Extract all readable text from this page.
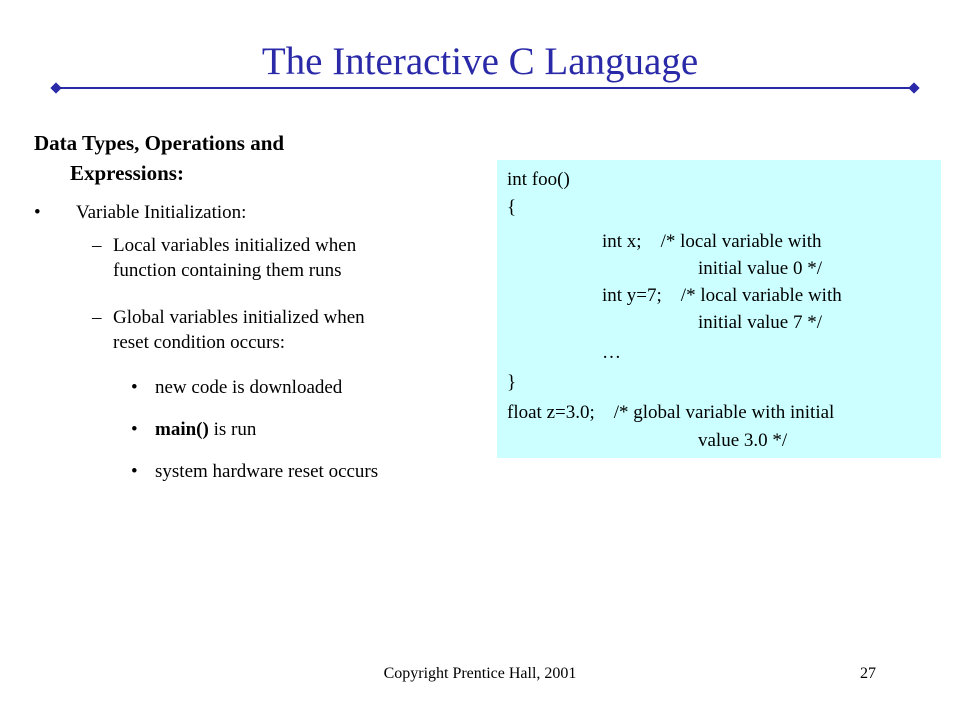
The Interactive C Language
Data Types, Operations and
Expressions:
• Variable Initialization:
– Local variables initialized when
function containing them runs
– Global variables initialized when
reset condition occurs:
• new code is downloaded
• main() is run
• system hardware reset occurs
int foo()
{
int x;    /* local variable with
initial value 0 */
int y=7;    /* local variable with
initial value 7 */
…
}
float z=3.0;    /* global variable with initial
value 3.0 */
Copyright Prentice Hall, 2001	27
